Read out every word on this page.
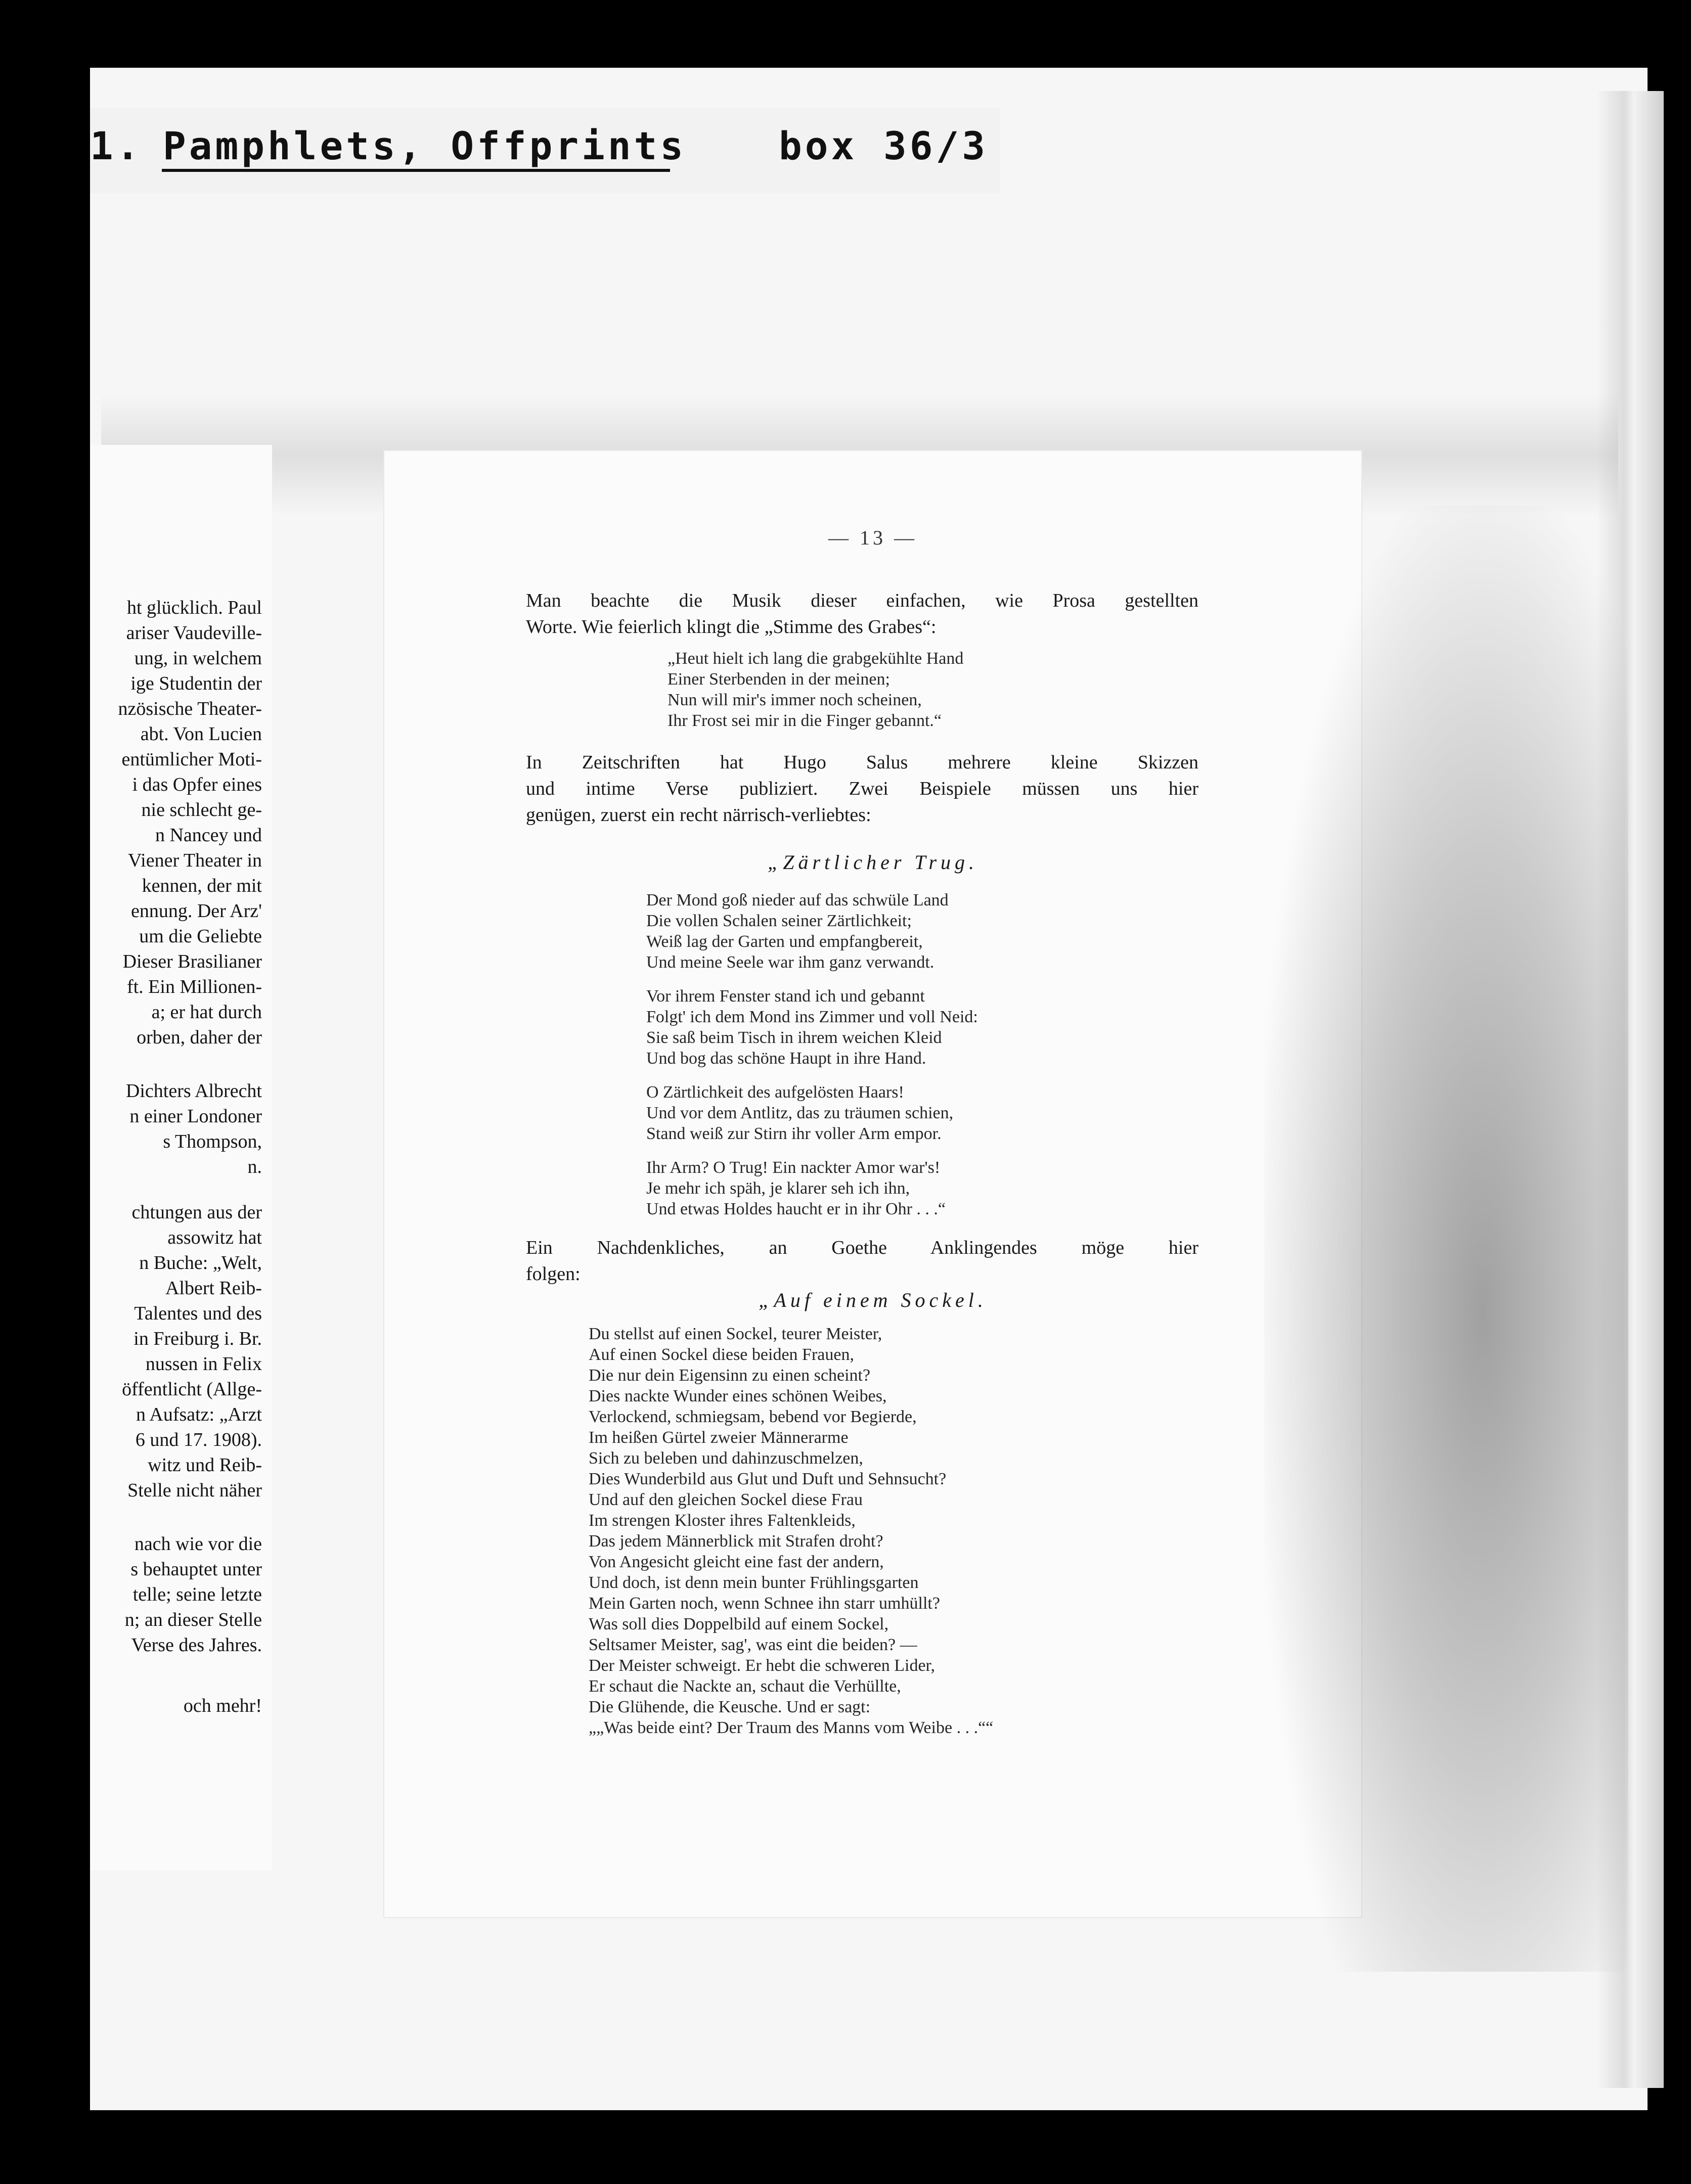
1. Pamphlets, Offprints box 36/3
ht glücklich. Paul
ariser Vaudeville-
ung, in welchem
ige Studentin der
nzösische Theater-
abt. Von Lucien
entümlicher Moti-
i das Opfer eines
nie schlecht ge-
n Nancey und
Viener Theater in
kennen, der mit
ennung. Der Arz'
um die Geliebte
Dieser Brasilianer
ft. Ein Millionen-
a; er hat durch
orben, daher der
Dichters Albrecht
n einer Londoner
s Thompson,
n.
chtungen aus der
assowitz hat
n Buche: „Welt,
Albert Reib-
Talentes und des
in Freiburg i. Br.
nussen in Felix
öffentlicht (Allge-
n Aufsatz: „Arzt
6 und 17. 1908).
witz und Reib-
Stelle nicht näher
nach wie vor die
s behauptet unter
telle; seine letzte
n; an dieser Stelle
Verse des Jahres.
och mehr!
— 13 —
Man beachte die Musik dieser einfachen, wie Prosa gestellten
Worte. Wie feierlich klingt die „Stimme des Grabes“:
„Heut hielt ich lang die grabgekühlte Hand
Einer Sterbenden in der meinen;
Nun will mir's immer noch scheinen,
Ihr Frost sei mir in die Finger gebannt.“
In Zeitschriften hat Hugo Salus mehrere kleine Skizzen
und intime Verse publiziert. Zwei Beispiele müssen uns hier
genügen, zuerst ein recht närrisch-verliebtes:
„Zärtlicher Trug.
Der Mond goß nieder auf das schwüle Land
Die vollen Schalen seiner Zärtlichkeit;
Weiß lag der Garten und empfangbereit,
Und meine Seele war ihm ganz verwandt.
Vor ihrem Fenster stand ich und gebannt
Folgt' ich dem Mond ins Zimmer und voll Neid:
Sie saß beim Tisch in ihrem weichen Kleid
Und bog das schöne Haupt in ihre Hand.
O Zärtlichkeit des aufgelösten Haars!
Und vor dem Antlitz, das zu träumen schien,
Stand weiß zur Stirn ihr voller Arm empor.
Ihr Arm? O Trug! Ein nackter Amor war's!
Je mehr ich späh, je klarer seh ich ihn,
Und etwas Holdes haucht er in ihr Ohr . . .“
Ein Nachdenkliches, an Goethe Anklingendes möge hier
folgen:
„Auf einem Sockel.
Du stellst auf einen Sockel, teurer Meister,
Auf einen Sockel diese beiden Frauen,
Die nur dein Eigensinn zu einen scheint?
Dies nackte Wunder eines schönen Weibes,
Verlockend, schmiegsam, bebend vor Begierde,
Im heißen Gürtel zweier Männerarme
Sich zu beleben und dahinzuschmelzen,
Dies Wunderbild aus Glut und Duft und Sehnsucht?
Und auf den gleichen Sockel diese Frau
Im strengen Kloster ihres Faltenkleids,
Das jedem Männerblick mit Strafen droht?
Von Angesicht gleicht eine fast der andern,
Und doch, ist denn mein bunter Frühlingsgarten
Mein Garten noch, wenn Schnee ihn starr umhüllt?
Was soll dies Doppelbild auf einem Sockel,
Seltsamer Meister, sag', was eint die beiden? —
Der Meister schweigt. Er hebt die schweren Lider,
Er schaut die Nackte an, schaut die Verhüllte,
Die Glühende, die Keusche. Und er sagt:
„„Was beide eint? Der Traum des Manns vom Weibe . . .““
